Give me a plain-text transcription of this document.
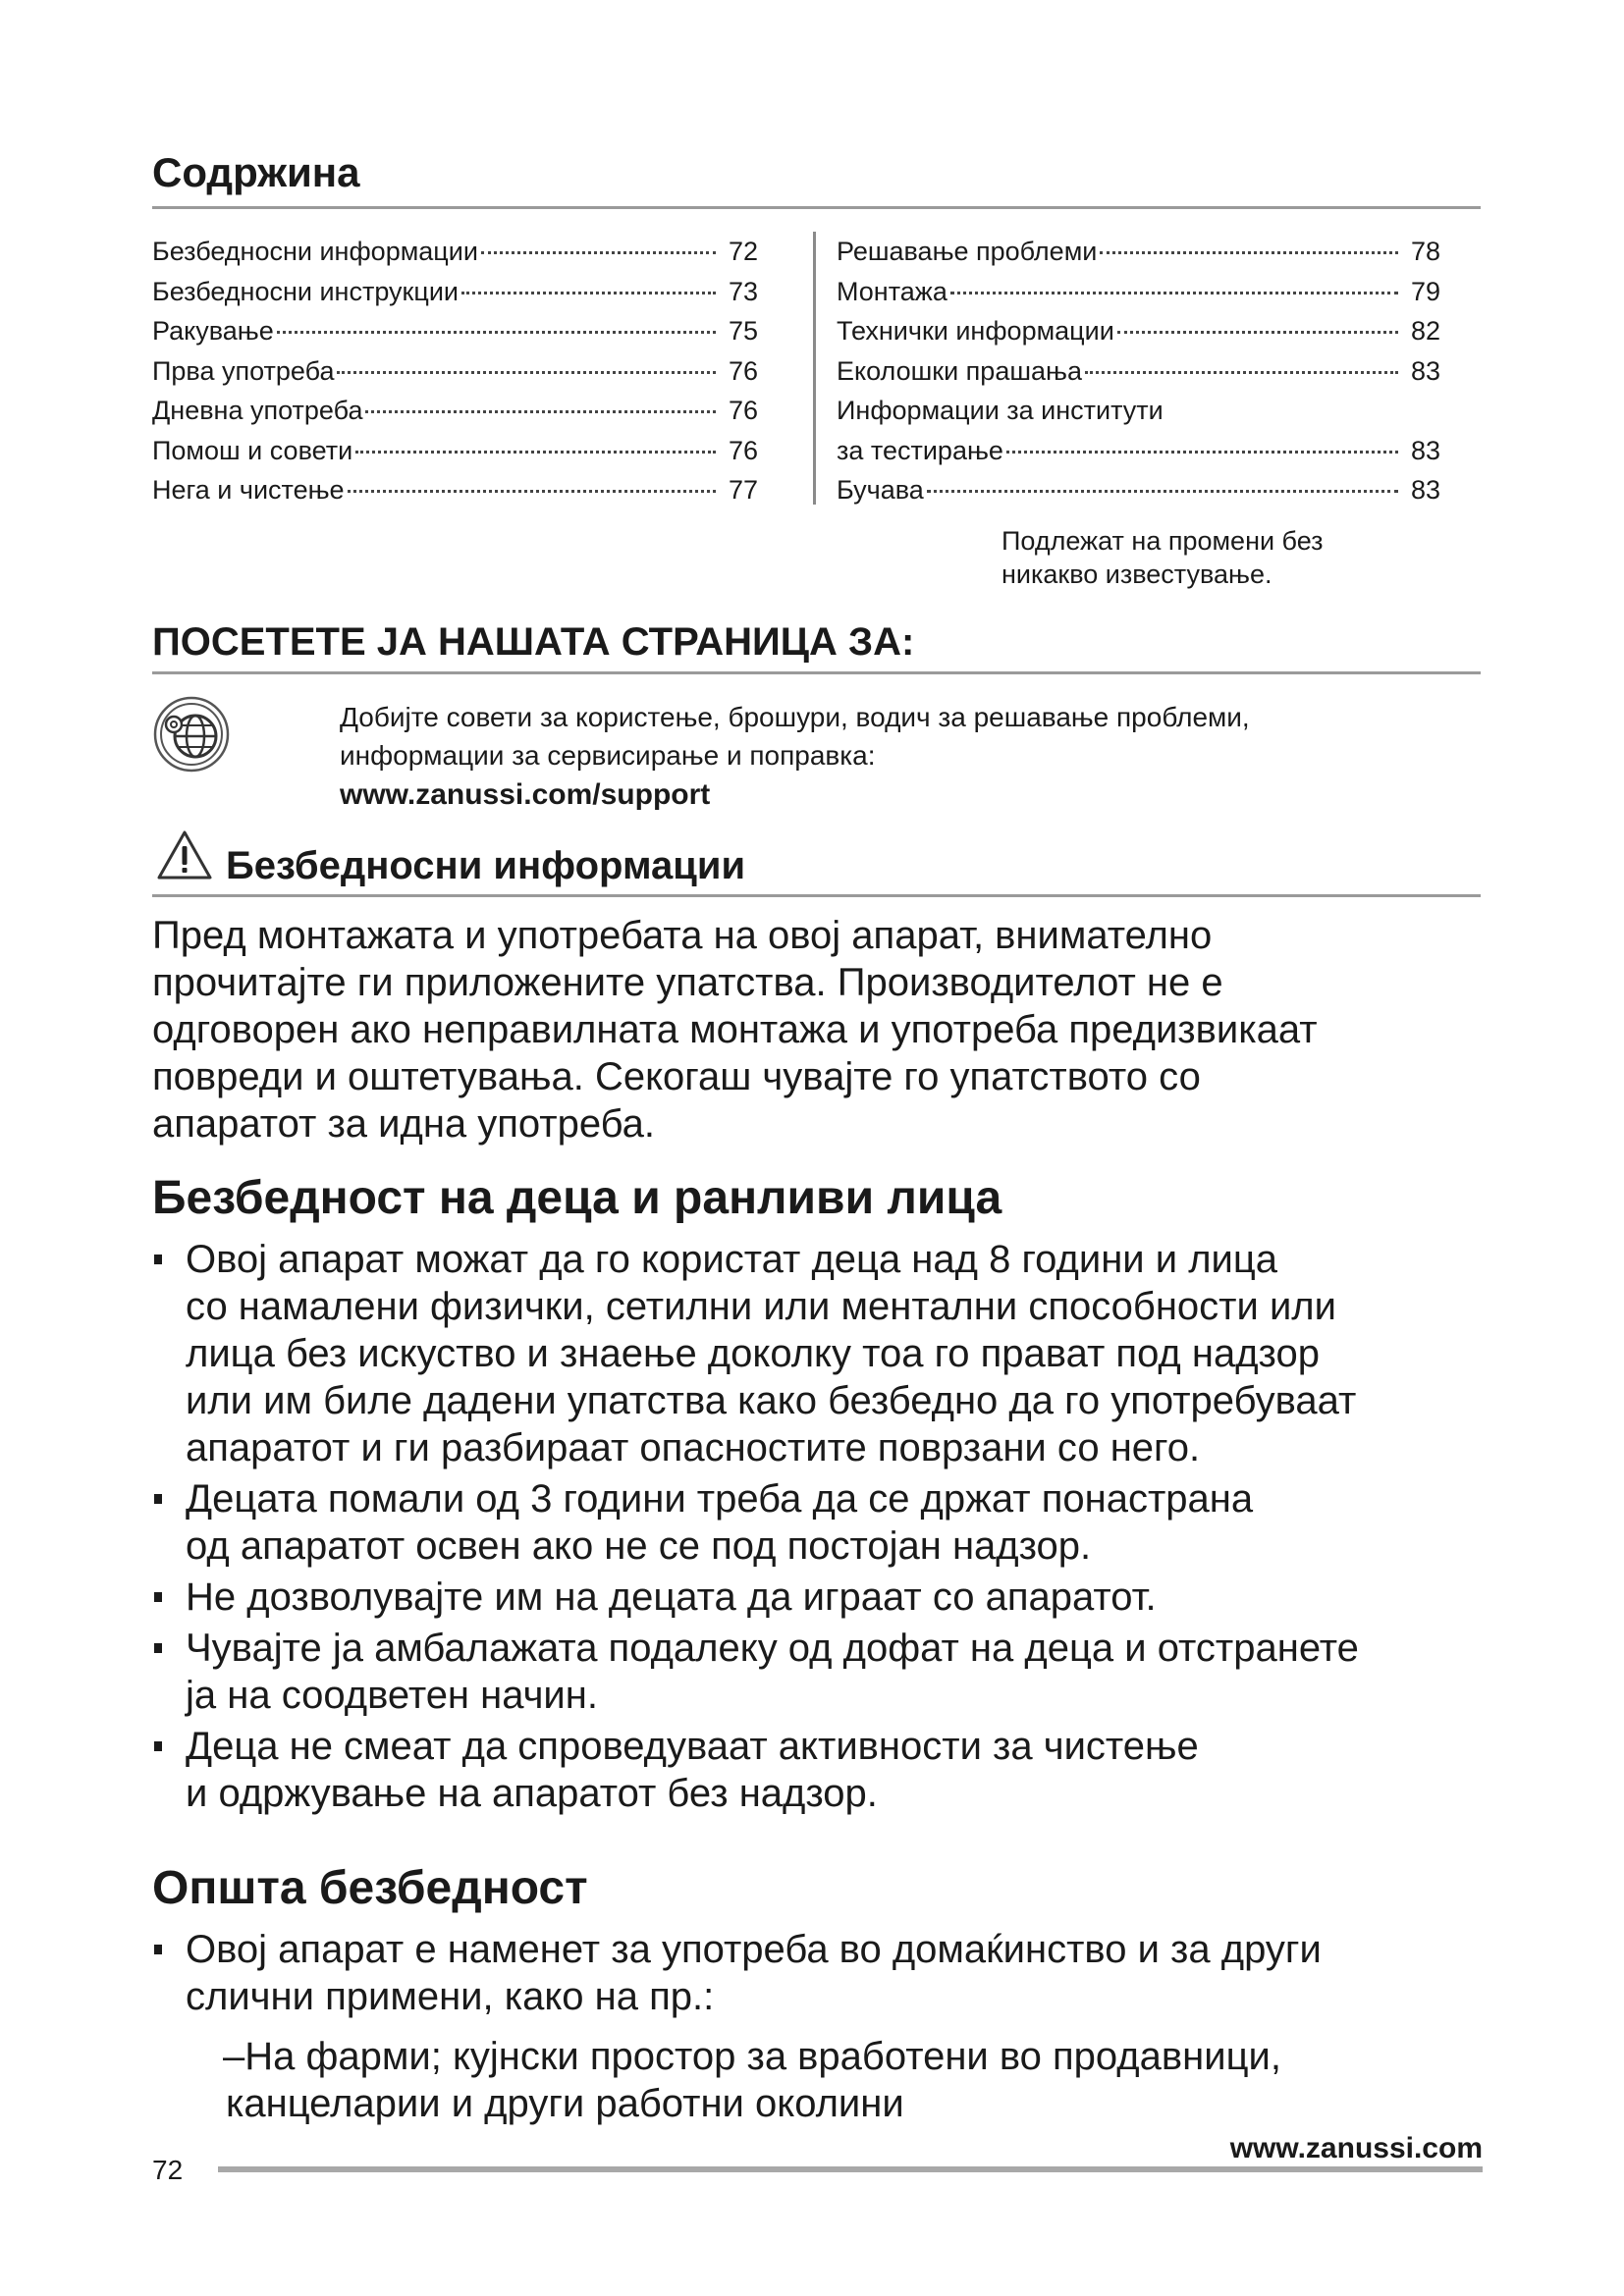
Содржина
Безбедносни информации	72
Безбедносни инструкции	73
Ракување	75
Прва употреба	76
Дневна употреба	76
Помош и совети	76
Нега и чистење	77
Решавање проблеми	78
Монтажа	79
Технички информации	82
Еколошки прашања	83
Информации за институти
за тестирање	83
Бучава	83
Подлежат на промени без
никакво известување.
ПОСЕТЕТЕ ЈА НАШАТА СТРАНИЦА ЗА:
Добијте совети за користење, брошури, водич за решавање проблеми,
информации за сервисирање и поправка:
www.zanussi.com/support
Безбедносни информации
Пред монтажата и употребата на овој апарат, внимателно
прочитајте ги приложените упатства. Производителот не е
одговорен ако неправилната монтажа и употреба предизвикаат
повреди и оштетувања. Секогаш чувајте го упатството со
апаратот за идна употреба.
Безбедност на деца и ранливи лица
Овој апарат можат да го користат деца над 8 години и лица
со намалени физички, сетилни или ментални способности или
лица без искуство и знаење доколку тоа го прават под надзор
или им биле дадени упатства како безбедно да го употребуваат
апаратот и ги разбираат опасностите поврзани со него.
Децата помали од 3 години треба да се држат понастрана
од апаратот освен ако не се под постојан надзор.
Не дозволувајте им на децата да играат со апаратот.
Чувајте ја амбалажата подалеку од дофат на деца и отстранете
ја на соодветен начин.
Деца не смеат да спроведуваат активности за чистење
и одржување на апаратот без надзор.
Општа безбедност
Овој апарат е наменет за употреба во домаќинство и за други
слични примени, како на пр.:
–На фарми; кујнски простор за вработени во продавници,
канцеларии и други работни околини
72
www.zanussi.com
